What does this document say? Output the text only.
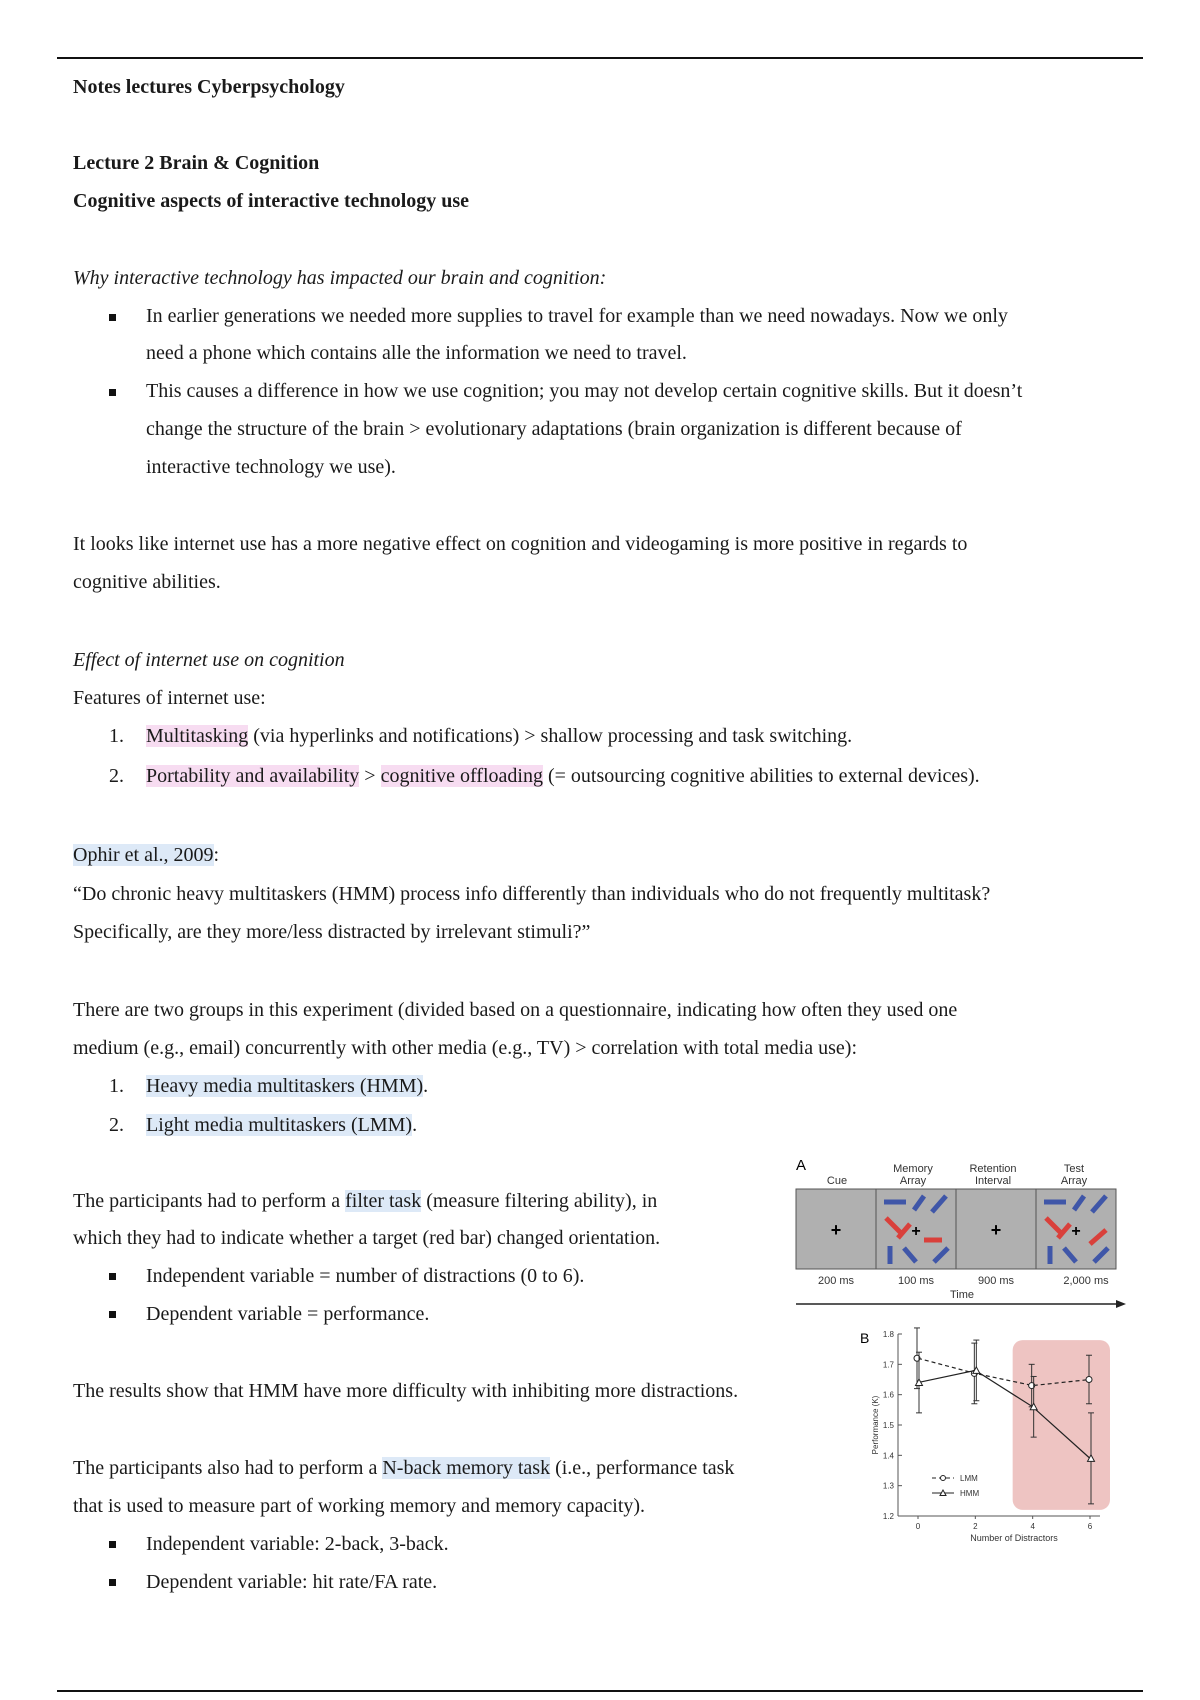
Notes lectures Cyberpsychology
Lecture 2 Brain & Cognition
Cognitive aspects of interactive technology use
Why interactive technology has impacted our brain and cognition:
In earlier generations we needed more supplies to travel for example than we need nowadays. Now we only
need a phone which contains alle the information we need to travel.
This causes a difference in how we use cognition; you may not develop certain cognitive skills. But it doesn’t
change the structure of the brain > evolutionary adaptations (brain organization is different because of
interactive technology we use).
It looks like internet use has a more negative effect on cognition and videogaming is more positive in regards to
cognitive abilities.
Effect of internet use on cognition
Features of internet use:
1. Multitasking (via hyperlinks and notifications) > shallow processing and task switching.
2. Portability and availability > cognitive offloading (= outsourcing cognitive abilities to external devices).
Ophir et al., 2009:
“Do chronic heavy multitaskers (HMM) process info differently than individuals who do not frequently multitask?
Specifically, are they more/less distracted by irrelevant stimuli?”
There are two groups in this experiment (divided based on a questionnaire, indicating how often they used one
medium (e.g., email) concurrently with other media (e.g., TV) > correlation with total media use):
1. Heavy media multitaskers (HMM).
2. Light media multitaskers (LMM).
The participants had to perform a filter task (measure filtering ability), in
which they had to indicate whether a target (red bar) changed orientation.
Independent variable = number of distractions (0 to 6).
Dependent variable = performance.
The results show that HMM have more difficulty with inhibiting more distractions.
The participants also had to perform a N-back memory task (i.e., performance task
that is used to measure part of working memory and memory capacity).
Independent variable: 2-back, 3-back.
Dependent variable: hit rate/FA rate.
A
Cue
Memory
Array
Retention
Interval
Test
Array
+	+	+	+
200 ms	100 ms	900 ms	2,000 ms
Time
B 1.8
1.7
1.6
1.5
1.4
1.3
1.2
0	2	4	6
Number of Distractors
Performance (K)
LMM
HMM
